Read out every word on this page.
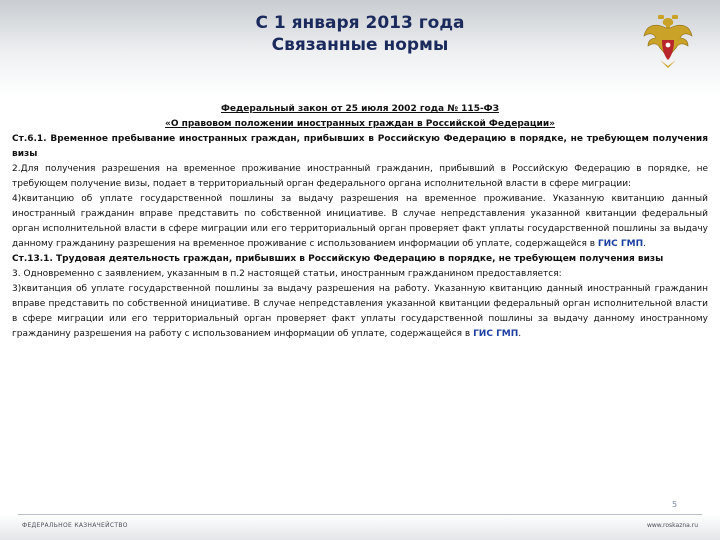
С 1 января 2013 года
Связанные нормы

Федеральный закон от 25 июля 2002 года № 115-ФЗ

«О правовом положении иностранных граждан в Российской Федерации»

Ст.6.1. Временное пребывание иностранных граждан, прибывших в Российскую Федерацию в порядке, не требующем получения визы

2.Для получения разрешения на временное проживание иностранный гражданин, прибывший в Российскую Федерацию в порядке, не требующем получение визы, подает в территориальный орган федерального органа исполнительной власти в сфере миграции:

4)квитанцию об уплате государственной пошлины за выдачу разрешения на временное проживание. Указанную квитанцию данный иностранный гражданин вправе представить по собственной инициативе. В случае непредставления указанной квитанции федеральный орган исполнительной власти в сфере миграции или его территориальный орган проверяет факт уплаты государственной пошлины за выдачу данному гражданину разрешения на временное проживание с использованием информации об уплате, содержащейся в ГИС ГМП.

Ст.13.1. Трудовая деятельность граждан, прибывших в Российскую Федерацию в порядке, не требующем получения визы

3. Одновременно с заявлением, указанным в п.2 настоящей статьи, иностранным гражданином предоставляется:

3)квитанция об уплате государственной пошлины за выдачу разрешения на работу. Указанную квитанцию данный иностранный гражданин вправе представить по собственной инициативе. В случае непредставления указанной квитанции федеральный орган исполнительной власти в сфере миграции или его территориальный орган проверяет факт уплаты государственной пошлины за выдачу данному иностранному гражданину разрешения на работу с использованием информации об уплате, содержащейся в ГИС ГМП.

5
ФЕДЕРАЛЬНОЕ КАЗНАЧЕЙСТВО	www.roskazna.ru
